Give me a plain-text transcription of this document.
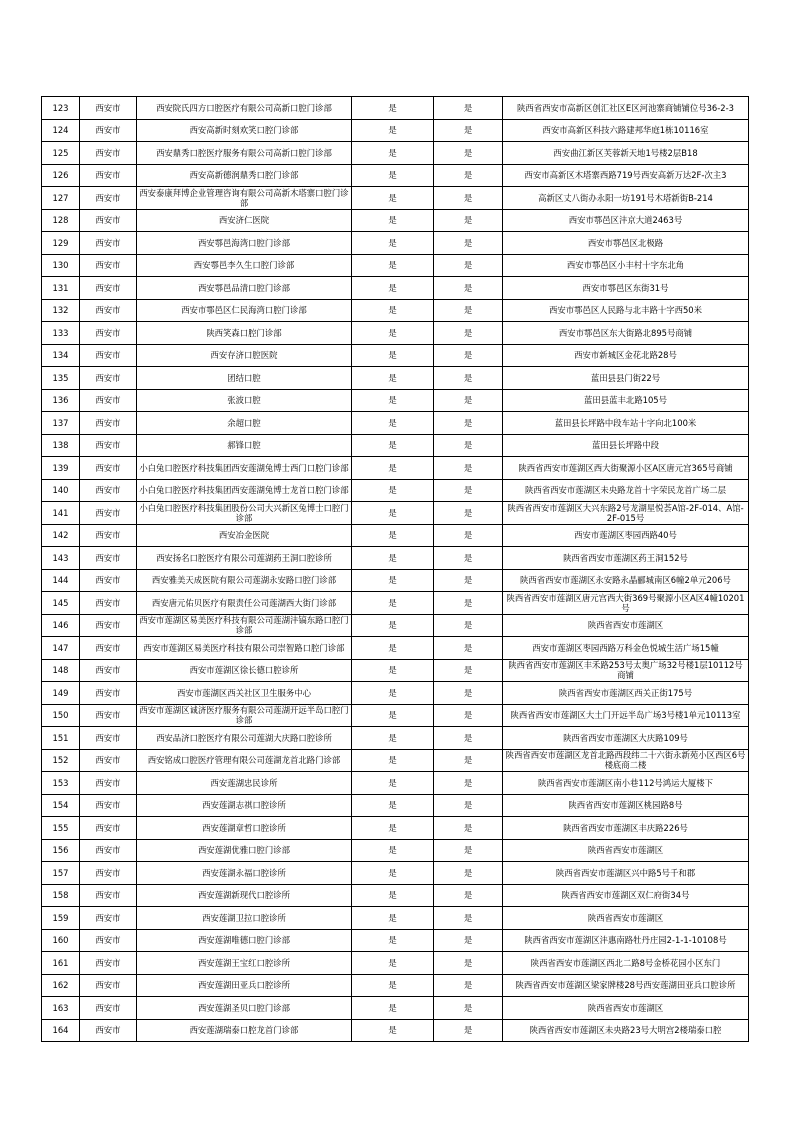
123	西安市	西安院氏四方口腔医疗有限公司高新口腔门诊部	是	是	陕西省西安市高新区创汇社区E区河池寨商铺铺位号36-2-3
124	西安市	西安高新时刻欢笑口腔门诊部	是	是	西安市高新区科技六路建邦华庭1栋10116室
125	西安市	西安鼎秀口腔医疗服务有限公司高新口腔门诊部	是	是	西安曲江新区芙蓉新天地1号楼2层B18
126	西安市	西安高新德润鼎秀口腔门诊部	是	是	西安市高新区木塔寨西路719号西安高新万达2F-次主3
127	西安市	西安泰康拜博企业管理咨询有限公司高新木塔寨口腔门诊部	是	是	高新区丈八街办永阳一坊191号木塔新街B-214
128	西安市	西安济仁医院	是	是	西安市鄠邑区沣京大道2463号
129	西安市	西安鄠邑海湾口腔门诊部	是	是	西安市鄠邑区北极路
130	西安市	西安鄠邑李久生口腔门诊部	是	是	西安市鄠邑区小丰村十字东北角
131	西安市	西安鄠邑品清口腔门诊部	是	是	西安市鄠邑区东街31号
132	西安市	西安市鄠邑区仁民海湾口腔门诊部	是	是	西安市鄠邑区人民路与北丰路十字西50米
133	西安市	陕西笑森口腔门诊部	是	是	西安市鄠邑区东大街路北895号商铺
134	西安市	西安存济口腔医院	是	是	西安市新城区金花北路28号
135	西安市	团结口腔	是	是	蓝田县县门街22号
136	西安市	张波口腔	是	是	蓝田县蓝丰北路105号
137	西安市	余超口腔	是	是	蓝田县长坪路中段车站十字向北100米
138	西安市	郝锋口腔	是	是	蓝田县长坪路中段
139	西安市	小白兔口腔医疗科技集团西安莲湖兔博士西门口腔门诊部	是	是	陕西省西安市莲湖区西大街聚源小区A区唐元宫365号商铺
140	西安市	小白兔口腔医疗科技集团西安莲湖兔博士龙首口腔门诊部	是	是	陕西省西安市莲湖区未央路龙首十字荣民龙首广场二层
141	西安市	小白兔口腔医疗科技集团股份公司大兴新区兔博士口腔门诊部	是	是	陕西省西安市莲湖区大兴东路2号龙湖星悦荟A馆-2F-014、A馆-2F-015号
142	西安市	西安冶金医院	是	是	西安市莲湖区枣园西路40号
143	西安市	西安扬名口腔医疗有限公司莲湖药王洞口腔诊所	是	是	陕西省西安市莲湖区药王洞152号
144	西安市	西安雅美天成医院有限公司莲湖永安路口腔门诊部	是	是	陕西省西安市莲湖区永安路永晶郦城南区6幢2单元206号
145	西安市	西安唐元佑贝医疗有限责任公司莲湖西大街门诊部	是	是	陕西省西安市莲湖区唐元宫西大街369号聚源小区A区4幢10201号
146	西安市	西安市莲湖区易美医疗科技有限公司莲湖沣镐东路口腔门诊部	是	是	陕西省西安市莲湖区
147	西安市	西安市莲湖区易美医疗科技有限公司崇智路口腔门诊部	是	是	西安市莲湖区枣园西路万科金色悦城生活广场15幢
148	西安市	西安市莲湖区徐长德口腔诊所	是	是	陕西省西安市莲湖区丰禾路253号太奥广场32号楼1层10112号商铺
149	西安市	西安市莲湖区西关社区卫生服务中心	是	是	陕西省西安市莲湖区西关正街175号
150	西安市	西安市莲湖区诚济医疗服务有限公司莲湖开远半岛口腔门诊部	是	是	陕西省西安市莲湖区大土门开远半岛广场3号楼1单元10113室
151	西安市	西安品济口腔医疗有限公司莲湖大庆路口腔诊所	是	是	陕西省西安市莲湖区大庆路109号
152	西安市	西安铭成口腔医疗管理有限公司莲湖龙首北路门诊部	是	是	陕西省西安市莲湖区龙首北路西段纬二十六街永新苑小区西区6号楼底商二楼
153	西安市	西安莲湖忠民诊所	是	是	陕西省西安市莲湖区南小巷112号鸿运大厦楼下
154	西安市	西安莲湖志祺口腔诊所	是	是	陕西省西安市莲湖区桃园路8号
155	西安市	西安莲湖章哲口腔诊所	是	是	陕西省西安市莲湖区丰庆路226号
156	西安市	西安莲湖优雅口腔门诊部	是	是	陕西省西安市莲湖区
157	西安市	西安莲湖永福口腔诊所	是	是	陕西省西安市莲湖区兴中路5号千和郡
158	西安市	西安莲湖新现代口腔诊所	是	是	陕西省西安市莲湖区双仁府街34号
159	西安市	西安莲湖卫拉口腔诊所	是	是	陕西省西安市莲湖区
160	西安市	西安莲湖唯德口腔门诊部	是	是	陕西省西安市莲湖区沣惠南路牡丹庄园2-1-1-10108号
161	西安市	西安莲湖王宝红口腔诊所	是	是	陕西省西安市莲湖区西北二路8号金桥花园小区东门
162	西安市	西安莲湖田亚兵口腔诊所	是	是	陕西省西安市莲湖区梁家牌楼28号西安莲湖田亚兵口腔诊所
163	西安市	西安莲湖圣贝口腔门诊部	是	是	陕西省西安市莲湖区
164	西安市	西安莲湖瑞泰口腔龙首门诊部	是	是	陕西省西安市莲湖区未央路23号大明宫2楼瑞泰口腔
